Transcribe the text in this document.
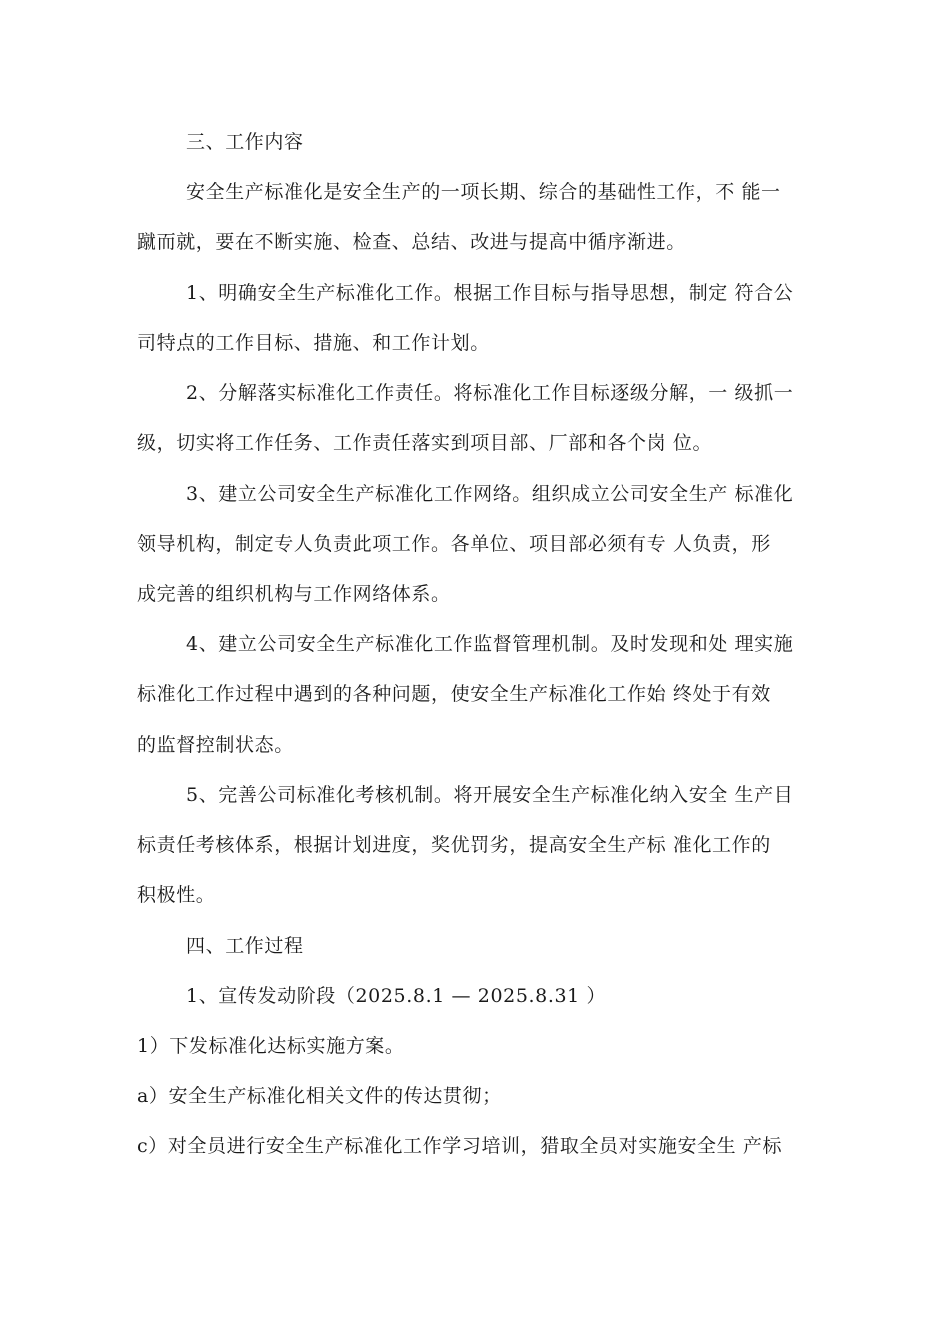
三、工作内容
安全生产标准化是安全生产的一项长期、综合的基础性工作，不 能一
蹴而就，要在不断实施、检查、总结、改进与提高中循序渐进。
1、明确安全生产标准化工作。根据工作目标与指导思想，制定 符合公
司特点的工作目标、措施、和工作计划。
2、分解落实标准化工作责任。将标准化工作目标逐级分解，一 级抓一
级，切实将工作任务、工作责任落实到项目部、厂部和各个岗 位。
3、建立公司安全生产标准化工作网络。组织成立公司安全生产 标准化
领导机构，制定专人负责此项工作。各单位、项目部必须有专 人负责，形
成完善的组织机构与工作网络体系。
4、建立公司安全生产标准化工作监督管理机制。及时发现和处 理实施
标准化工作过程中遇到的各种问题，使安全生产标准化工作始 终处于有效
的监督控制状态。
5、完善公司标准化考核机制。将开展安全生产标准化纳入安全 生产目
标责任考核体系，根据计划进度，奖优罚劣，提高安全生产标 准化工作的
积极性。
四、工作过程
1、宣传发动阶段（2025.8.1 — 2025.8.31 ）
1）下发标准化达标实施方案。
a）安全生产标准化相关文件的传达贯彻；
c）对全员进行安全生产标准化工作学习培训，猎取全员对实施安全生 产标
